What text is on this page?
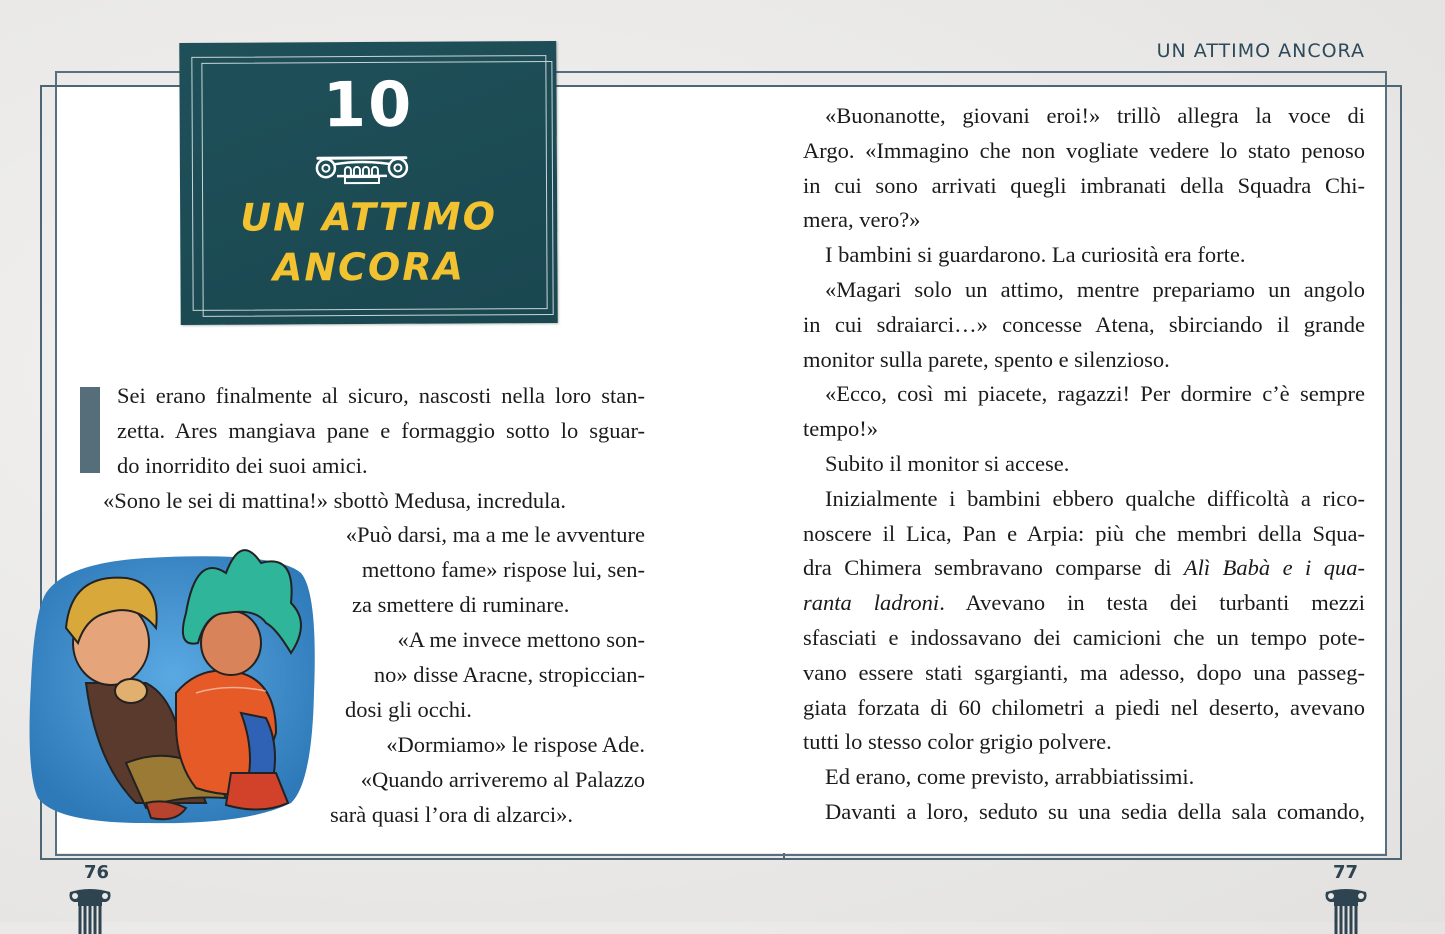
UN ATTIMO ANCORA
10
UN ATTIMO
ANCORA
Sei erano finalmente al sicuro, nascosti nella loro stan-
zetta. Ares mangiava pane e formaggio sotto lo sguar-
do inorridito dei suoi amici.
«Sono le sei di mattina!» sbottò Medusa, incredula.
«Può darsi, ma a me le avventure
mettono fame» rispose lui, sen-
za smettere di ruminare.
«A me invece mettono son-
no» disse Aracne, stropiccian-
dosi gli occhi.
«Dormiamo» le rispose Ade.
«Quando arriveremo al Palazzo
sarà quasi l’ora di alzarci».
«Buonanotte, giovani eroi!» trillò allegra la voce di
Argo. «Immagino che non vogliate vedere lo stato penoso
in cui sono arrivati quegli imbranati della Squadra Chi-
mera, vero?»
I bambini si guardarono. La curiosità era forte.
«Magari solo un attimo, mentre prepariamo un angolo
in cui sdraiarci…» concesse Atena, sbirciando il grande
monitor sulla parete, spento e silenzioso.
«Ecco, così mi piacete, ragazzi! Per dormire c’è sempre
tempo!»
Subito il monitor si accese.
Inizialmente i bambini ebbero qualche difficoltà a rico-
noscere il Lica, Pan e Arpia: più che membri della Squa-
dra Chimera sembravano comparse di Alì Babà e i qua-
ranta ladroni. Avevano in testa dei turbanti mezzi
sfasciati e indossavano dei camicioni che un tempo pote-
vano essere stati sgargianti, ma adesso, dopo una passeg-
giata forzata di 60 chilometri a piedi nel deserto, avevano
tutti lo stesso color grigio polvere.
Ed erano, come previsto, arrabbiatissimi.
Davanti a loro, seduto su una sedia della sala comando,
76	77
